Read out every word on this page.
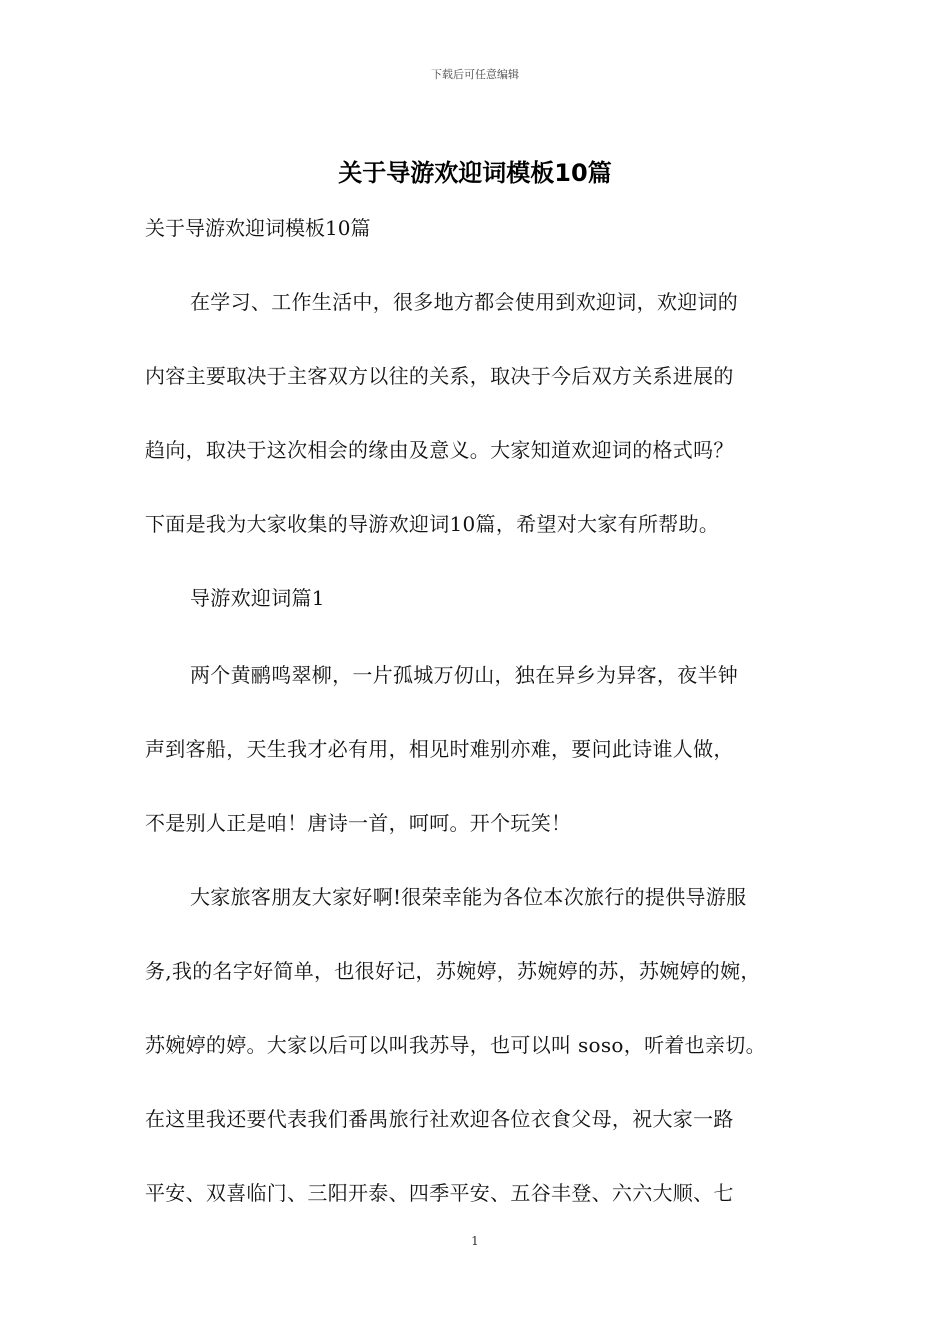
下载后可任意编辑
关于导游欢迎词模板10篇
关于导游欢迎词模板10篇
在学习、工作生活中，很多地方都会使用到欢迎词，欢迎词的
内容主要取决于主客双方以往的关系，取决于今后双方关系进展的
趋向，取决于这次相会的缘由及意义。大家知道欢迎词的格式吗？
下面是我为大家收集的导游欢迎词10篇，希望对大家有所帮助。
导游欢迎词篇1
两个黄鹂鸣翠柳，一片孤城万仞山，独在异乡为异客，夜半钟
声到客船，天生我才必有用，相见时难别亦难，要问此诗谁人做，
不是别人正是咱！唐诗一首，呵呵。开个玩笑！
大家旅客朋友大家好啊!很荣幸能为各位本次旅行的提供导游服
务,我的名字好简单，也很好记，苏婉婷，苏婉婷的苏，苏婉婷的婉，
苏婉婷的婷。大家以后可以叫我苏导，也可以叫 soso，听着也亲切。
在这里我还要代表我们番禺旅行社欢迎各位衣食父母，祝大家一路
平安、双喜临门、三阳开泰、四季平安、五谷丰登、六六大顺、七
1
